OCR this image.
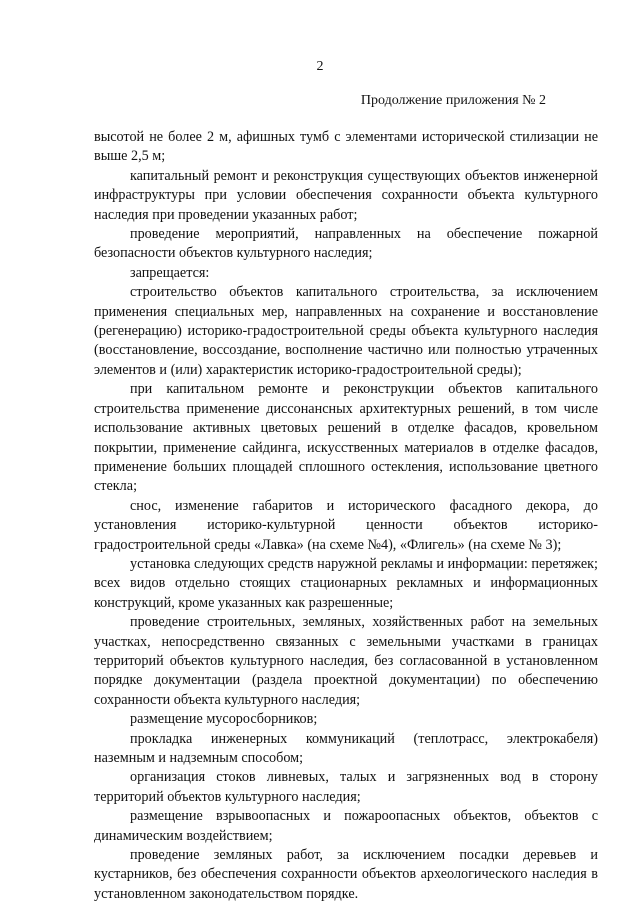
2
Продолжение приложения № 2

высотой не более 2 м, афишных тумб с элементами исторической стилизации не выше 2,5 м;

капитальный ремонт и реконструкция существующих объектов инженерной инфраструктуры при условии обеспечения сохранности объекта культурного наследия при проведении указанных работ;

проведение мероприятий, направленных на обеспечение пожарной безопасности объектов культурного наследия;

запрещается:

строительство объектов капитального строительства, за исключением применения специальных мер, направленных на сохранение и восстановление (регенерацию) историко-градостроительной среды объекта культурного наследия (восстановление, воссоздание, восполнение частично или полностью утраченных элементов и (или) характеристик историко-градостроительной среды);

при капитальном ремонте и реконструкции объектов капитального строительства применение диссонансных архитектурных решений, в том числе использование активных цветовых решений в отделке фасадов, кровельном покрытии, применение сайдинга, искусственных материалов в отделке фасадов, применение больших площадей сплошного остекления, использование цветного стекла;

снос, изменение габаритов и исторического фасадного декора, до установления историко-культурной ценности объектов историко-градостроительной среды «Лавка» (на схеме №4), «Флигель» (на схеме № 3);

установка следующих средств наружной рекламы и информации: перетяжек; всех видов отдельно стоящих стационарных рекламных и информационных конструкций, кроме указанных как разрешенные;

проведение строительных, земляных, хозяйственных работ на земельных участках, непосредственно связанных с земельными участками в границах территорий объектов культурного наследия, без согласованной в установленном порядке документации (раздела проектной документации) по обеспечению сохранности объекта культурного наследия;

размещение мусоросборников;

прокладка инженерных коммуникаций (теплотрасс, электрокабеля) наземным и надземным способом;

организация стоков ливневых, талых и загрязненных вод в сторону территорий объектов культурного наследия;

размещение взрывоопасных и пожароопасных объектов, объектов с динамическим воздействием;

проведение земляных работ, за исключением посадки деревьев и кустарников, без обеспечения сохранности объектов археологического наследия в установленном законодательством порядке.
